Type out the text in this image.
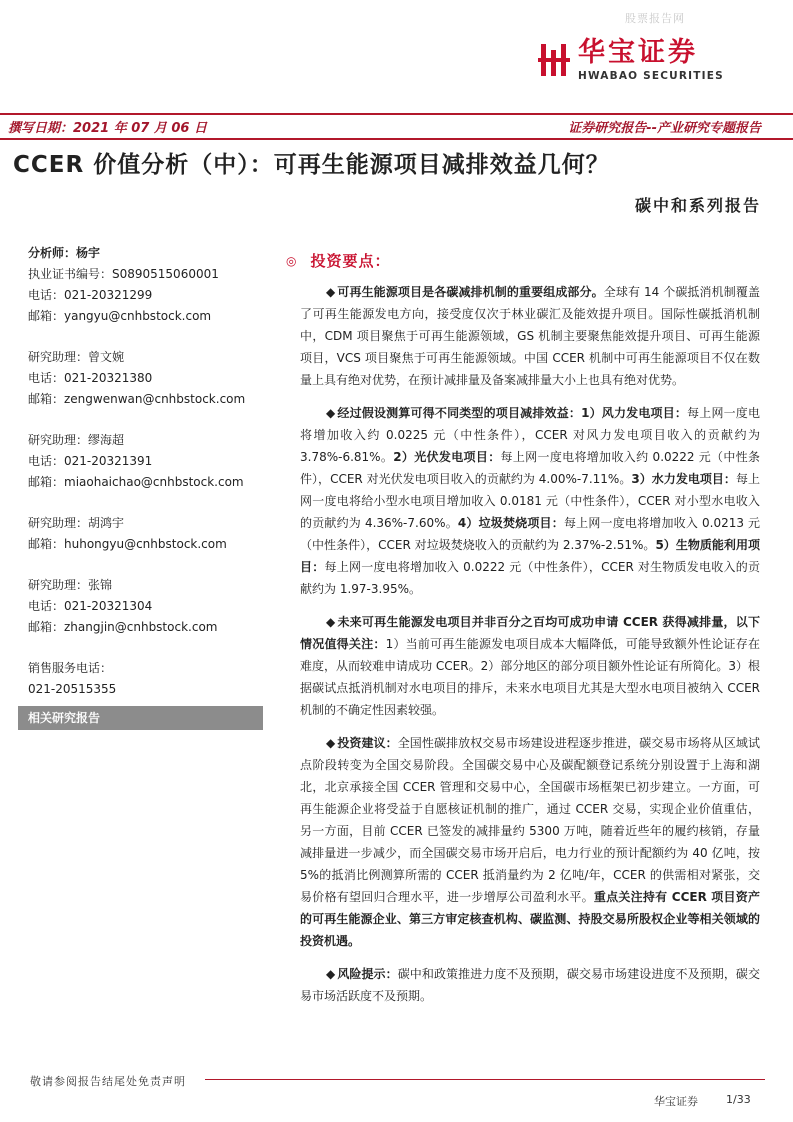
股票报告网
华宝证券
HWABAO SECURITIES
撰写日期：2021 年 07 月 06 日	证券研究报告--产业研究专题报告
CCER 价值分析（中）：可再生能源项目减排效益几何？
碳中和系列报告
分析师：杨宇
执业证书编号：S0890515060001
电话：021-20321299
邮箱：yangyu@cnhbstock.com
研究助理：曾文婉
电话：021-20321380
邮箱：zengwenwan@cnhbstock.com
研究助理：缪海超
电话：021-20321391
邮箱：miaohaichao@cnhbstock.com
研究助理：胡鸿宇
邮箱：huhongyu@cnhbstock.com
研究助理：张锦
电话：021-20321304
邮箱：zhangjin@cnhbstock.com
销售服务电话：
021-20515355
相关研究报告
◎ 投资要点：
◆ 可再生能源项目是各碳减排机制的重要组成部分。全球有 14 个碳抵消机制覆盖了可再生能源发电方向，接受度仅次于林业碳汇及能效提升项目。国际性碳抵消机制中，CDM 项目聚焦于可再生能源领域，GS 机制主要聚焦能效提升项目、可再生能源项目，VCS 项目聚焦于可再生能源领域。中国 CCER 机制中可再生能源项目不仅在数量上具有绝对优势，在预计减排量及备案减排量大小上也具有绝对优势。
◆ 经过假设测算可得不同类型的项目减排效益：1）风力发电项目：每上网一度电将增加收入约 0.0225 元（中性条件），CCER 对风力发电项目收入的贡献约为 3.78%-6.81%。2）光伏发电项目：每上网一度电将增加收入约 0.0222 元（中性条件），CCER 对光伏发电项目收入的贡献约为 4.00%-7.11%。3）水力发电项目：每上网一度电将给小型水电项目增加收入 0.0181 元（中性条件），CCER 对小型水电收入的贡献约为 4.36%-7.60%。4）垃圾焚烧项目：每上网一度电将增加收入 0.0213 元（中性条件），CCER 对垃圾焚烧收入的贡献约为 2.37%-2.51%。5）生物质能利用项目：每上网一度电将增加收入 0.0222 元（中性条件），CCER 对生物质发电收入的贡献约为 1.97-3.95%。
◆ 未来可再生能源发电项目并非百分之百均可成功申请 CCER 获得减排量，以下情况值得关注：1）当前可再生能源发电项目成本大幅降低，可能导致额外性论证存在难度，从而较难申请成功 CCER。2）部分地区的部分项目额外性论证有所简化。3）根据碳试点抵消机制对水电项目的排斥，未来水电项目尤其是大型水电项目被纳入 CCER 机制的不确定性因素较强。
◆ 投资建议：全国性碳排放权交易市场建设进程逐步推进，碳交易市场将从区域试点阶段转变为全国交易阶段。全国碳交易中心及碳配额登记系统分别设置于上海和湖北，北京承接全国 CCER 管理和交易中心，全国碳市场框架已初步建立。一方面，可再生能源企业将受益于自愿核证机制的推广，通过 CCER 交易，实现企业价值重估，另一方面，目前 CCER 已签发的减排量约 5300 万吨，随着近些年的履约核销，存量减排量进一步减少，而全国碳交易市场开启后，电力行业的预计配额约为 40 亿吨，按 5%的抵消比例测算所需的 CCER 抵消量约为 2 亿吨/年，CCER 的供需相对紧张，交易价格有望回归合理水平，进一步增厚公司盈利水平。重点关注持有 CCER 项目资产的可再生能源企业、第三方审定核查机构、碳监测、持股交易所股权企业等相关领域的投资机遇。
◆ 风险提示：碳中和政策推进力度不及预期，碳交易市场建设进度不及预期，碳交易市场活跃度不及预期。
敬请参阅报告结尾处免责声明
华宝证券	1/33
